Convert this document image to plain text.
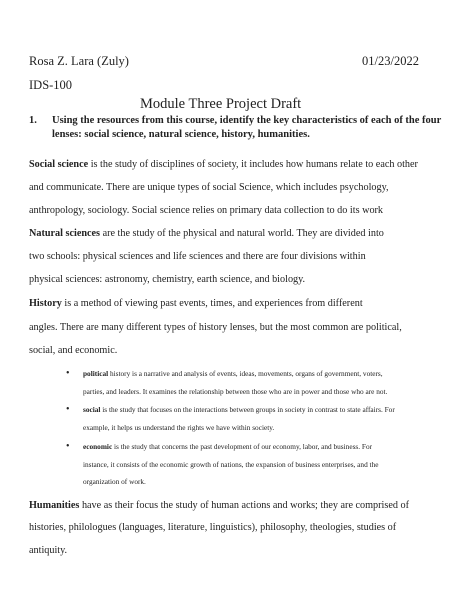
Rosa Z. Lara (Zuly)	01/23/2022
IDS-100
Module Three Project Draft
1. Using the resources from this course, identify the key characteristics of each of the four
lenses: social science, natural science, history, humanities.
Social science is the study of disciplines of society, it includes how humans relate to each other
and communicate. There are unique types of social Science, which includes psychology,
anthropology, sociology. Social science relies on primary data collection to do its work
Natural sciences are the study of the physical and natural world. They are divided into
two schools: physical sciences and life sciences and there are four divisions within
physical sciences: astronomy, chemistry, earth science, and biology.
History is a method of viewing past events, times, and experiences from different
angles. There are many different types of history lenses, but the most common are political,
social, and economic.
• political history is a narrative and analysis of events, ideas, movements, organs of government, voters,
parties, and leaders. It examines the relationship between those who are in power and those who are not.
• social is the study that focuses on the interactions between groups in society in contrast to state affairs. For
example, it helps us understand the rights we have within society.
• economic is the study that concerns the past development of our economy, labor, and business. For
instance, it consists of the economic growth of nations, the expansion of business enterprises, and the
organization of work.
Humanities have as their focus the study of human actions and works; they are comprised of
histories, philologues (languages, literature, linguistics), philosophy, theologies, studies of
antiquity.
